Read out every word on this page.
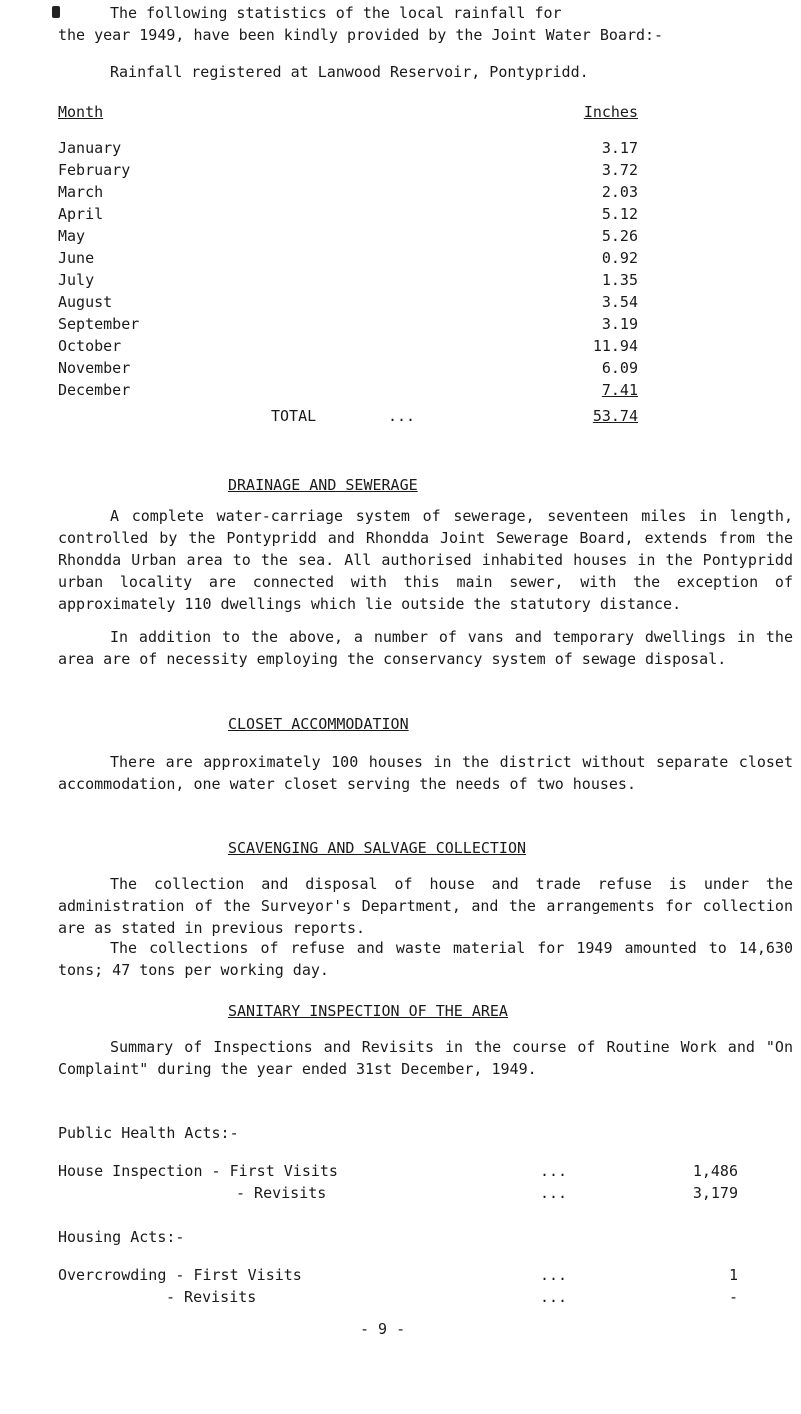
The following statistics of the local rainfall for
the year 1949, have been kindly provided by the Joint Water Board:-
Rainfall registered at Lanwood Reservoir, Pontypridd.
Month	Inches
January	3.17
February	3.72
March	2.03
April	5.12
May	5.26
June	0.92
July	1.35
August	3.54
September	3.19
October	11.94
November	6.09
December	7.41
TOTAL	...	53.74
DRAINAGE AND SEWERAGE

A complete water-carriage system of sewerage, seventeen miles in length, controlled by the Pontypridd and Rhondda Joint Sewerage Board, extends from the Rhondda Urban area to the sea. All authorised inhabited houses in the Pontypridd urban locality are connected with this main sewer, with the exception of approximately 110 dwellings which lie outside the statutory distance.

In addition to the above, a number of vans and temporary dwellings in the area are of necessity employing the conservancy system of sewage disposal.

CLOSET ACCOMMODATION

There are approximately 100 houses in the district without separate closet accommodation, one water closet serving the needs of two houses.

SCAVENGING AND SALVAGE COLLECTION

The collection and disposal of house and trade refuse is under the administration of the Surveyor's Department, and the arrangements for collection are as stated in previous reports.

The collections of refuse and waste material for 1949 amounted to 14,630 tons; 47 tons per working day.

SANITARY INSPECTION OF THE AREA

Summary of Inspections and Revisits in the course of Routine Work and "On Complaint" during the year ended 31st December, 1949.

Public Health Acts:-
House Inspection - First Visits	...	1,486
- Revisits	...	3,179
Housing Acts:-
Overcrowding - First Visits	...	1
- Revisits	...	-
- 9 -
